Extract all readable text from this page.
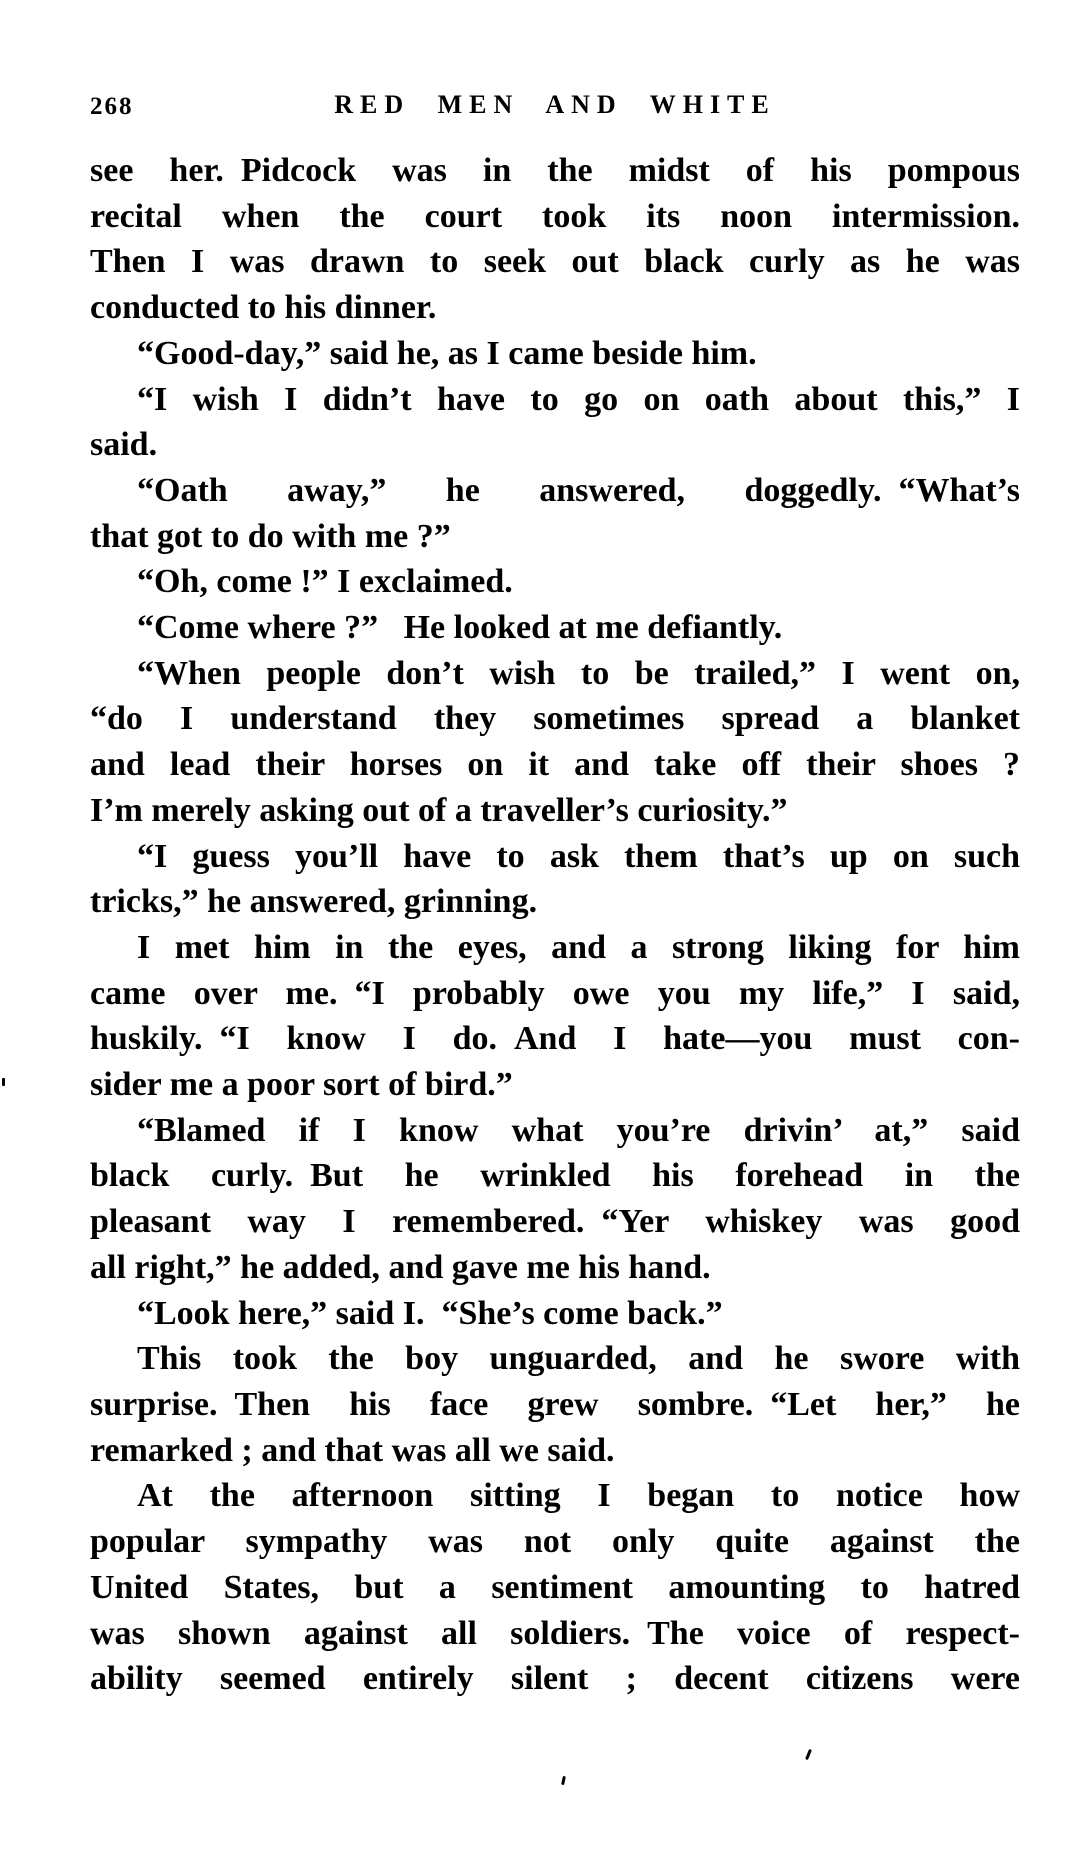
268	RED MEN AND WHITE
see her. Pidcock was in the midst of his pompous
recital when the court took its noon intermission.
Then I was drawn to seek out black curly as he was
conducted to his dinner.
“Good-day,” said he, as I came beside him.
“I wish I didn’t have to go on oath about this,” I
said.
“Oath away,” he answered, doggedly. “What’s
that got to do with me ?”
“Oh, come !” I exclaimed.
“Come where ?”  He looked at me defiantly.
“When people don’t wish to be trailed,” I went on,
“do I understand they sometimes spread a blanket
and lead their horses on it and take off their shoes ?
I’m merely asking out of a traveller’s curiosity.”
“I guess you’ll have to ask them that’s up on such
tricks,” he answered, grinning.
I met him in the eyes, and a strong liking for him
came over me. “I probably owe you my life,” I said,
huskily. “I know I do. And I hate—you must con-
sider me a poor sort of bird.”
“Blamed if I know what you’re drivin’ at,” said
black curly. But he wrinkled his forehead in the
pleasant way I remembered. “Yer whiskey was good
all right,” he added, and gave me his hand.
“Look here,” said I. “She’s come back.”
This took the boy unguarded, and he swore with
surprise. Then his face grew sombre. “Let her,” he
remarked ; and that was all we said.
At the afternoon sitting I began to notice how
popular sympathy was not only quite against the
United States, but a sentiment amounting to hatred
was shown against all soldiers. The voice of respect-
ability seemed entirely silent ; decent citizens were
